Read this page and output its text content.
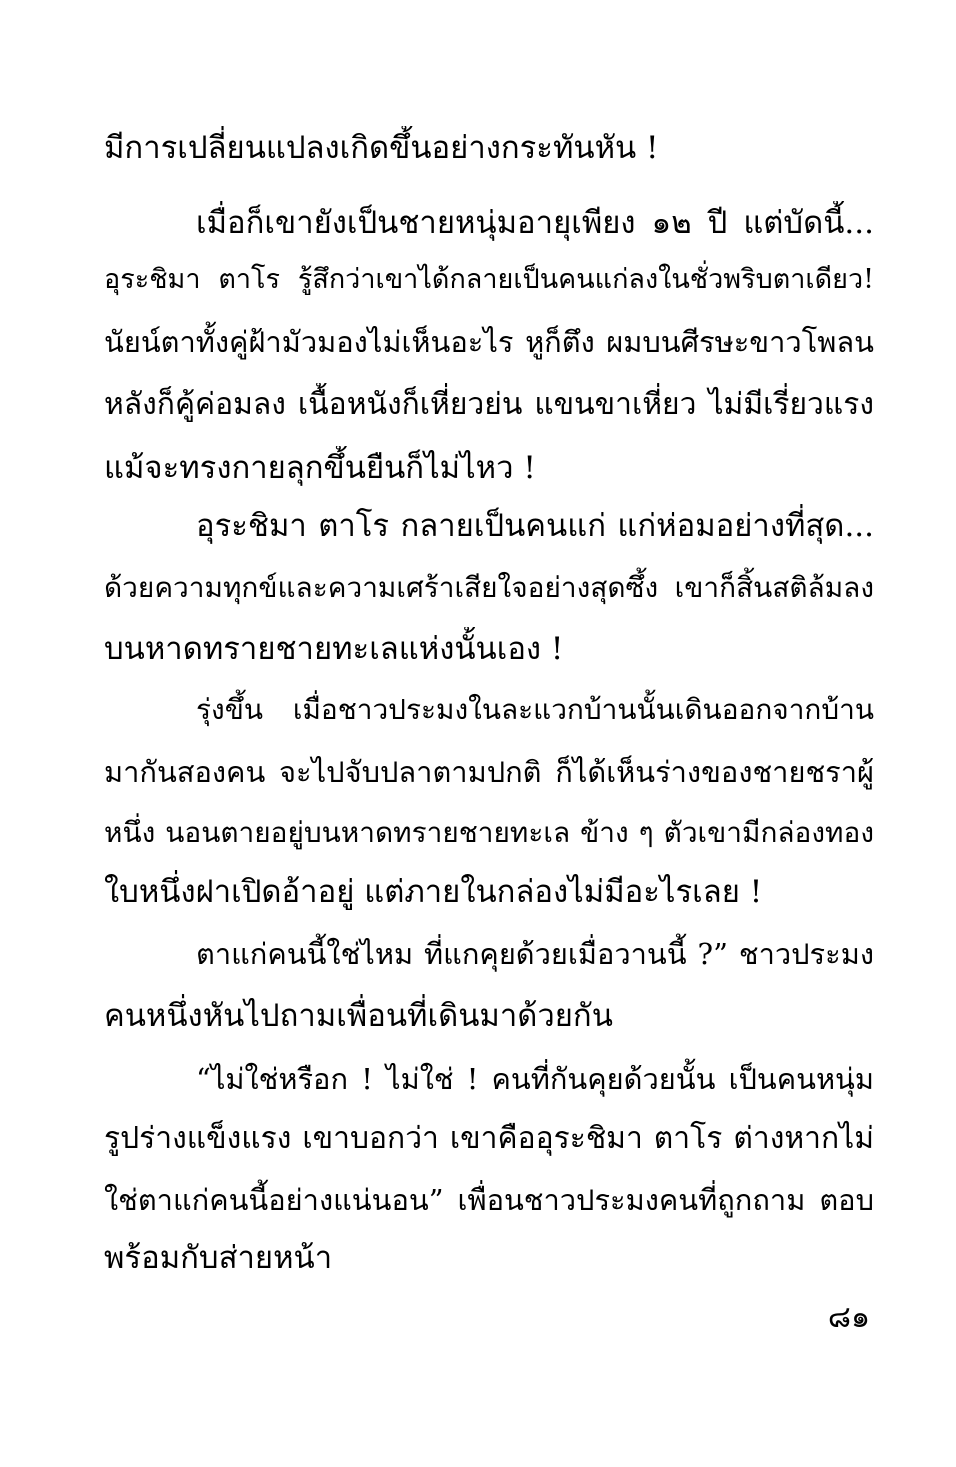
มีการเปลี่ยนแปลงเกิดขึ้นอย่างกระทันหัน !
เมื่อก็เขายังเป็นชายหนุ่มอายุเพียง ๑๒ ปี แต่บัดนี้...
อุระชิมา ตาโร รู้สึกว่าเขาได้กลายเป็นคนแก่ลงในชั่วพริบตาเดียว!
นัยน์ตาทั้งคู่ฝ้ามัวมองไม่เห็นอะไร หูก็ตึง ผมบนศีรษะขาวโพลน
หลังก็คู้ค่อมลง เนื้อหนังก็เหี่ยวย่น แขนขาเหี่ยว ไม่มีเรี่ยวแรง
แม้จะทรงกายลุกขึ้นยืนก็ไม่ไหว !
อุระชิมา ตาโร กลายเป็นคนแก่ แก่ห่อมอย่างที่สุด...
ด้วยความทุกข์และความเศร้าเสียใจอย่างสุดซึ้ง เขาก็สิ้นสติล้มลง
บนหาดทรายชายทะเลแห่งนั้นเอง !
รุ่งขึ้น เมื่อชาวประมงในละแวกบ้านนั้นเดินออกจากบ้าน
มากันสองคน จะไปจับปลาตามปกติ ก็ได้เห็นร่างของชายชราผู้
หนึ่ง นอนตายอยู่บนหาดทรายชายทะเล ข้าง ๆ ตัวเขามีกล่องทอง
ใบหนึ่งฝาเปิดอ้าอยู่ แต่ภายในกล่องไม่มีอะไรเลย !
ตาแก่คนนี้ใช่ไหม ที่แกคุยด้วยเมื่อวานนี้ ?” ชาวประมง
คนหนึ่งหันไปถามเพื่อนที่เดินมาด้วยกัน
“ไม่ใช่หรือก ! ไม่ใช่ ! คนที่กันคุยด้วยนั้น เป็นคนหนุ่ม
รูปร่างแข็งแรง เขาบอกว่า เขาคืออุระชิมา ตาโร ต่างหากไม่
ใช่ตาแก่คนนี้อย่างแน่นอน” เพื่อนชาวประมงคนที่ถูกถาม ตอบ
พร้อมกับส่ายหน้า
๘๑
